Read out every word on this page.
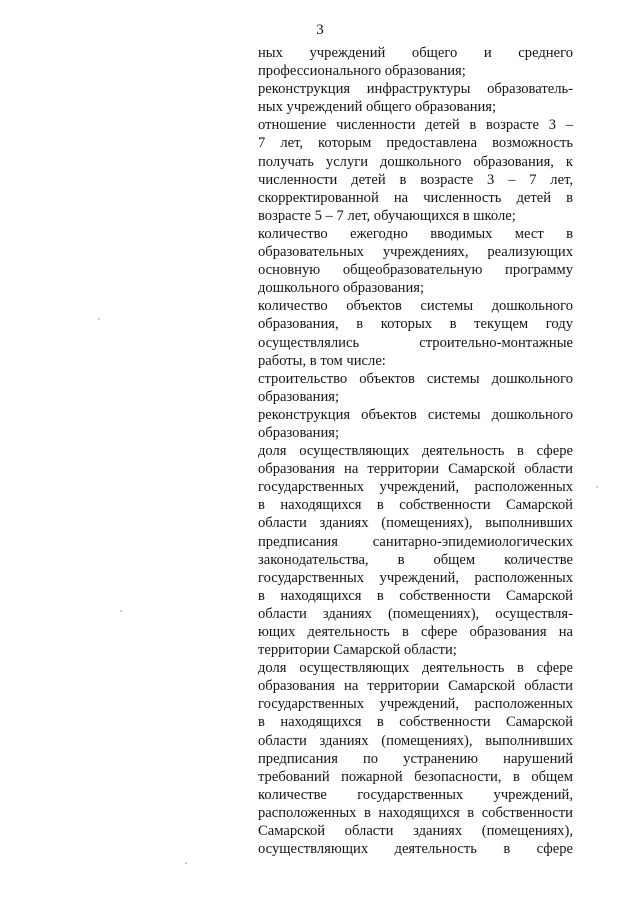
3
ных учреждений общего и среднего
профессионального образования;
реконструкция инфраструктуры образователь-
ных учреждений общего образования;
отношение численности детей в возрасте 3 –
7 лет, которым предоставлена возможность
получать услуги дошкольного образования, к
численности детей в возрасте 3 – 7 лет,
скорректированной на численность детей в
возрасте 5 – 7 лет, обучающихся в школе;
количество ежегодно вводимых мест в
образовательных учреждениях, реализующих
основную общеобразовательную программу
дошкольного образования;
количество объектов системы дошкольного
образования, в которых в текущем году
осуществлялись строительно-монтажные
работы, в том числе:
строительство объектов системы дошкольного
образования;
реконструкция объектов системы дошкольного
образования;
доля осуществляющих деятельность в сфере
образования на территории Самарской области
государственных учреждений, расположенных
в находящихся в собственности Самарской
области зданиях (помещениях), выполнивших
предписания санитарно-эпидемиологических
законодательства, в общем количестве
государственных учреждений, расположенных
в находящихся в собственности Самарской
области зданиях (помещениях), осуществля-
ющих деятельность в сфере образования на
территории Самарской области;
доля осуществляющих деятельность в сфере
образования на территории Самарской области
государственных учреждений, расположенных
в находящихся в собственности Самарской
области зданиях (помещениях), выполнивших
предписания по устранению нарушений
требований пожарной безопасности, в общем
количестве государственных учреждений,
расположенных в находящихся в собственности
Самарской области зданиях (помещениях),
осуществляющих деятельность в сфере
